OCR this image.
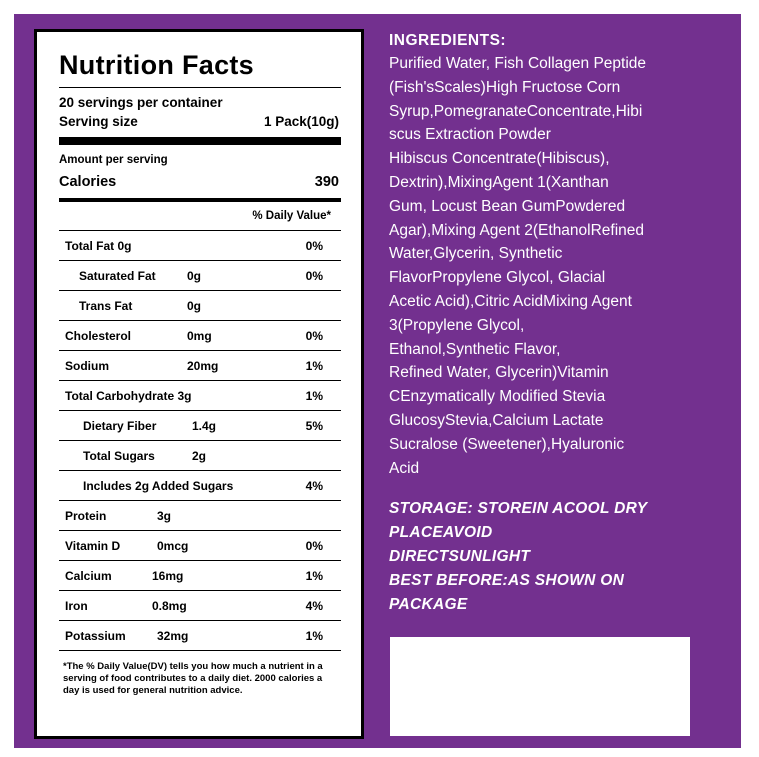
Nutrition Facts
20 servings per container
Serving size	1 Pack(10g)
Amount per serving
Calories	390
% Daily Value*
Total Fat 0g	0%
Saturated Fat	0g	0%
Trans Fat	0g
Cholesterol	0mg	0%
Sodium	20mg	1%
Total Carbohydrate 3g	1%
Dietary Fiber	1.4g	5%
Total Sugars	2g
Includes 2g Added Sugars	4%
Protein	3g
Vitamin D	0mcg	0%
Calcium	16mg	1%
Iron	0.8mg	4%
Potassium	32mg	1%
*The % Daily Value(DV) tells you how much a nutrient in a serving of food contributes to a daily diet. 2000 calories a day is used for general nutrition advice.
INGREDIENTS:
Purified Water, Fish Collagen Peptide
(Fish'sScales)High Fructose Corn
Syrup,PomegranateConcentrate,Hibi
scus Extraction Powder
Hibiscus Concentrate(Hibiscus),
Dextrin),MixingAgent 1(Xanthan
Gum, Locust Bean GumPowdered
Agar),Mixing Agent 2(EthanolRefined
Water,Glycerin, Synthetic
FlavorPropylene Glycol, Glacial
Acetic Acid),Citric AcidMixing Agent
3(Propylene Glycol,
Ethanol,Synthetic Flavor,
Refined Water, Glycerin)Vitamin
CEnzymatically Modified Stevia
GlucosyStevia,Calcium Lactate
Sucralose (Sweetener),Hyaluronic
Acid
STORAGE: STOREIN ACOOL DRY
PLACEAVOID
DIRECTSUNLIGHT
BEST BEFORE:AS SHOWN ON
PACKAGE
